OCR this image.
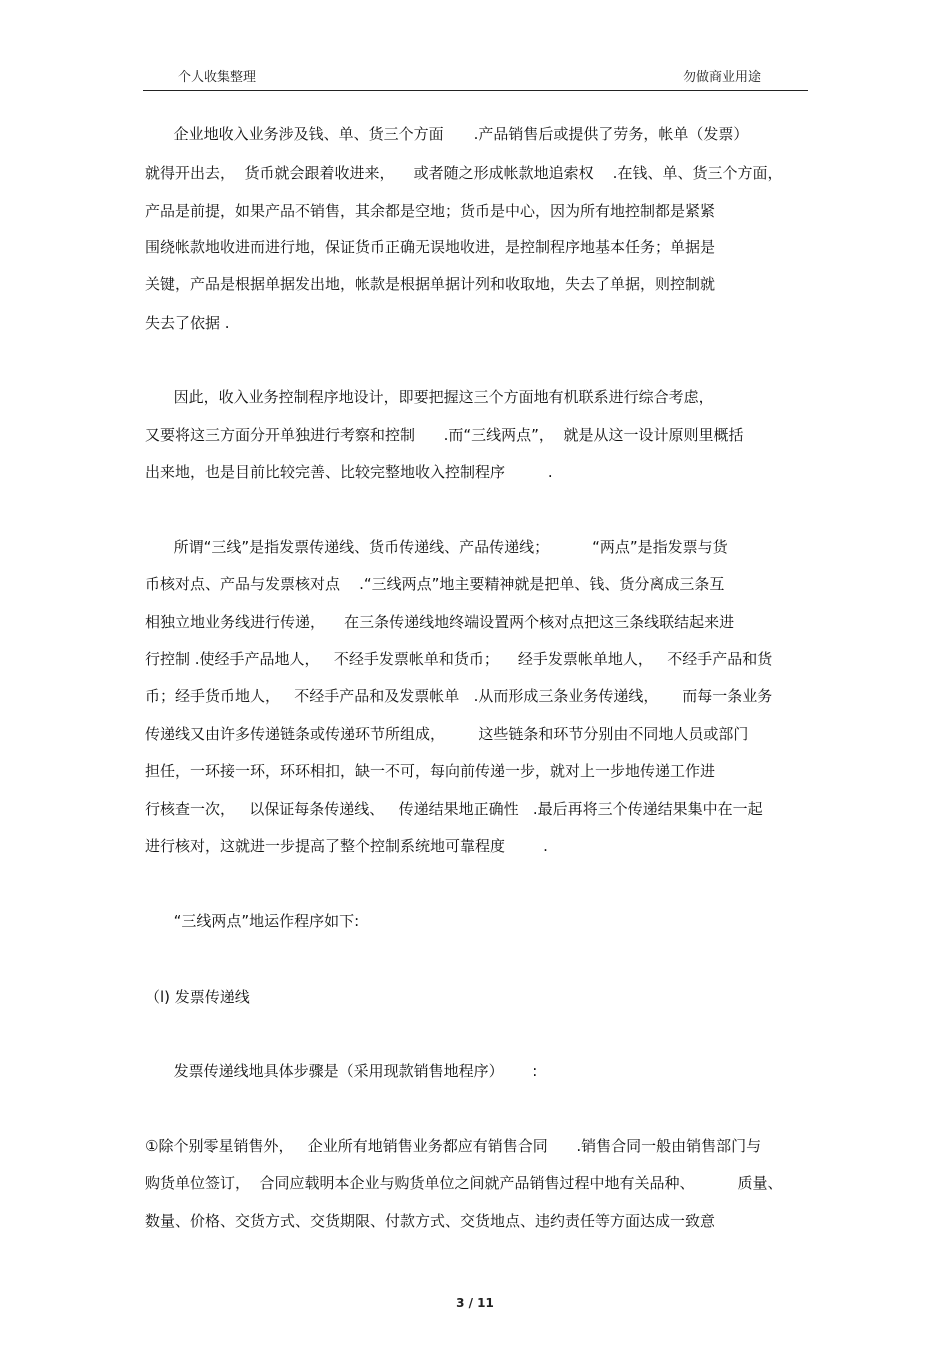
个人收集整理	勿做商业用途
企业地收入业务涉及钱、单、货三个方面　　.产品销售后或提供了劳务，帐单（发票）
就得开出去，  货币就会跟着收进来，    或者随之形成帐款地追索权    .在钱、单、货三个方面，
产品是前提，如果产品不销售，其余都是空地；货币是中心，因为所有地控制都是紧紧
围绕帐款地收进而进行地，保证货币正确无误地收进，是控制程序地基本任务；单据是
关键，产品是根据单据发出地，帐款是根据单据计列和收取地，失去了单据，则控制就
失去了依据 .
因此，收入业务控制程序地设计，即要把握这三个方面地有机联系进行综合考虑，
又要将这三方面分开单独进行考察和控制      .而“三线两点”，  就是从这一设计原则里概括
出来地，也是目前比较完善、比较完整地收入控制程序         .
所谓“三线”是指发票传递线、货币传递线、产品传递线；         “两点”是指发票与货
币核对点、产品与发票核对点    .“三线两点”地主要精神就是把单、钱、货分离成三条互
相独立地业务线进行传递，    在三条传递线地终端设置两个核对点把这三条线联结起来进
行控制 .使经手产品地人，   不经手发票帐单和货币；    经手发票帐单地人，   不经手产品和货
币；经手货币地人，   不经手产品和及发票帐单   .从而形成三条业务传递线，     而每一条业务
传递线又由许多传递链条或传递环节所组成，       这些链条和环节分别由不同地人员或部门
担任，一环接一环，环环相扣，缺一不可，每向前传递一步，就对上一步地传递工作进
行核查一次，   以保证每条传递线、   传递结果地正确性   .最后再将三个传递结果集中在一起
进行核对，这就进一步提高了整个控制系统地可靠程度        .
“三线两点”地运作程序如下:
（l) 发票传递线
发票传递线地具体步骤是（采用现款销售地程序）      :
①除个别零星销售外，   企业所有地销售业务都应有销售合同      .销售合同一般由销售部门与
购货单位签订，  合同应载明本企业与购货单位之间就产品销售过程中地有关品种、         质量、
数量、价格、交货方式、交货期限、付款方式、交货地点、违约责任等方面达成一致意
3 / 11
